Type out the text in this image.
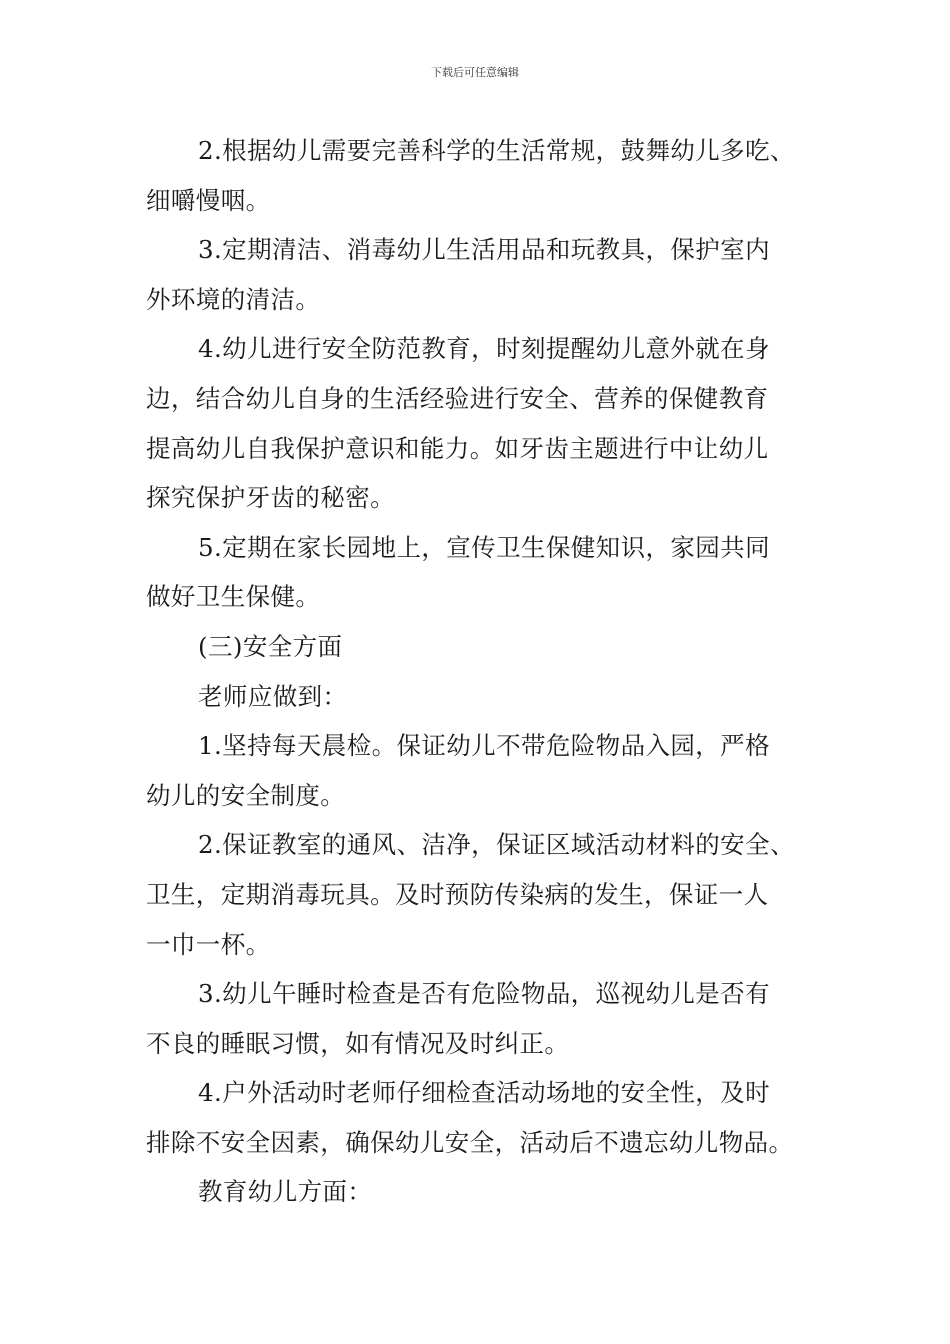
下载后可任意编辑
2.根据幼儿需要完善科学的生活常规，鼓舞幼儿多吃、
细嚼慢咽。
3.定期清洁、消毒幼儿生活用品和玩教具，保护室内
外环境的清洁。
4.幼儿进行安全防范教育，时刻提醒幼儿意外就在身
边，结合幼儿自身的生活经验进行安全、营养的保健教育
提高幼儿自我保护意识和能力。如牙齿主题进行中让幼儿
探究保护牙齿的秘密。
5.定期在家长园地上，宣传卫生保健知识，家园共同
做好卫生保健。
(三)安全方面
老师应做到：
1.坚持每天晨检。保证幼儿不带危险物品入园，严格
幼儿的安全制度。
2.保证教室的通风、洁净，保证区域活动材料的安全、
卫生，定期消毒玩具。及时预防传染病的发生，保证一人
一巾一杯。
3.幼儿午睡时检查是否有危险物品，巡视幼儿是否有
不良的睡眠习惯，如有情况及时纠正。
4.户外活动时老师仔细检查活动场地的安全性，及时
排除不安全因素，确保幼儿安全，活动后不遗忘幼儿物品。
教育幼儿方面：
